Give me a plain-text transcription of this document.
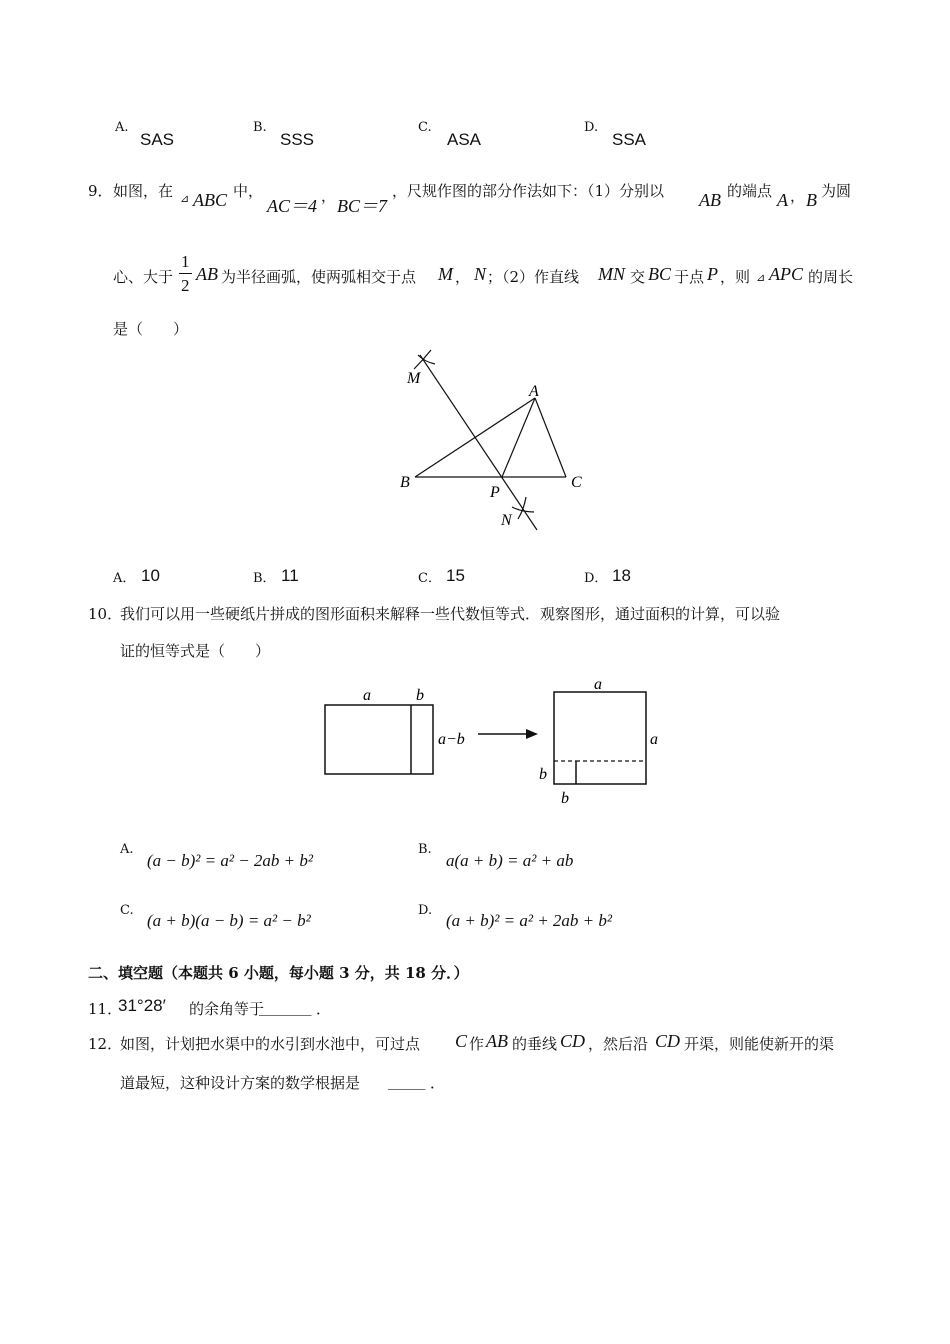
A.
SAS
B.
SSS
C.
ASA
D.
SSA
9． 如图，在 ⊿ ABC 中，
AC＝4 ， BC＝7
，尺规作图的部分作法如下：（1）分别以 AB 的端点 A ， B 为圆
心、大于
1
2
AB 为半径画弧，使两弧相交于点 M ， N ；（2）作直线 MN 交 BC 于点 P ，则 ⊿ APC 的周长
是（　　）
M
A
B
P
C
N
A． 10	B． 11	C． 15	D． 18
10．
我们可以用一些硬纸片拼成的图形面积来解释一些代数恒等式．观察图形，通过面积的计算，可以验
证的恒等式是（　　）
a	b
a−b
a
a
b
b
A.
(a − b)² = a² − 2ab + b²
B.
a(a + b) = a² + ab
C.
(a + b)(a − b) = a² − b²
D.
(a + b)² = a² + 2ab + b²
二、填空题（本题共 6 小题，每小题 3 分，共 18 分．）
11．
31°28′ 的余角等于
_______ ．
12．
如图，计划把水渠中的水引到水池中，可过点 C 作 AB 的垂线 CD ，然后沿 CD 开渠，则能使新开的渠
道最短，这种设计方案的数学根据是 _____ ．
